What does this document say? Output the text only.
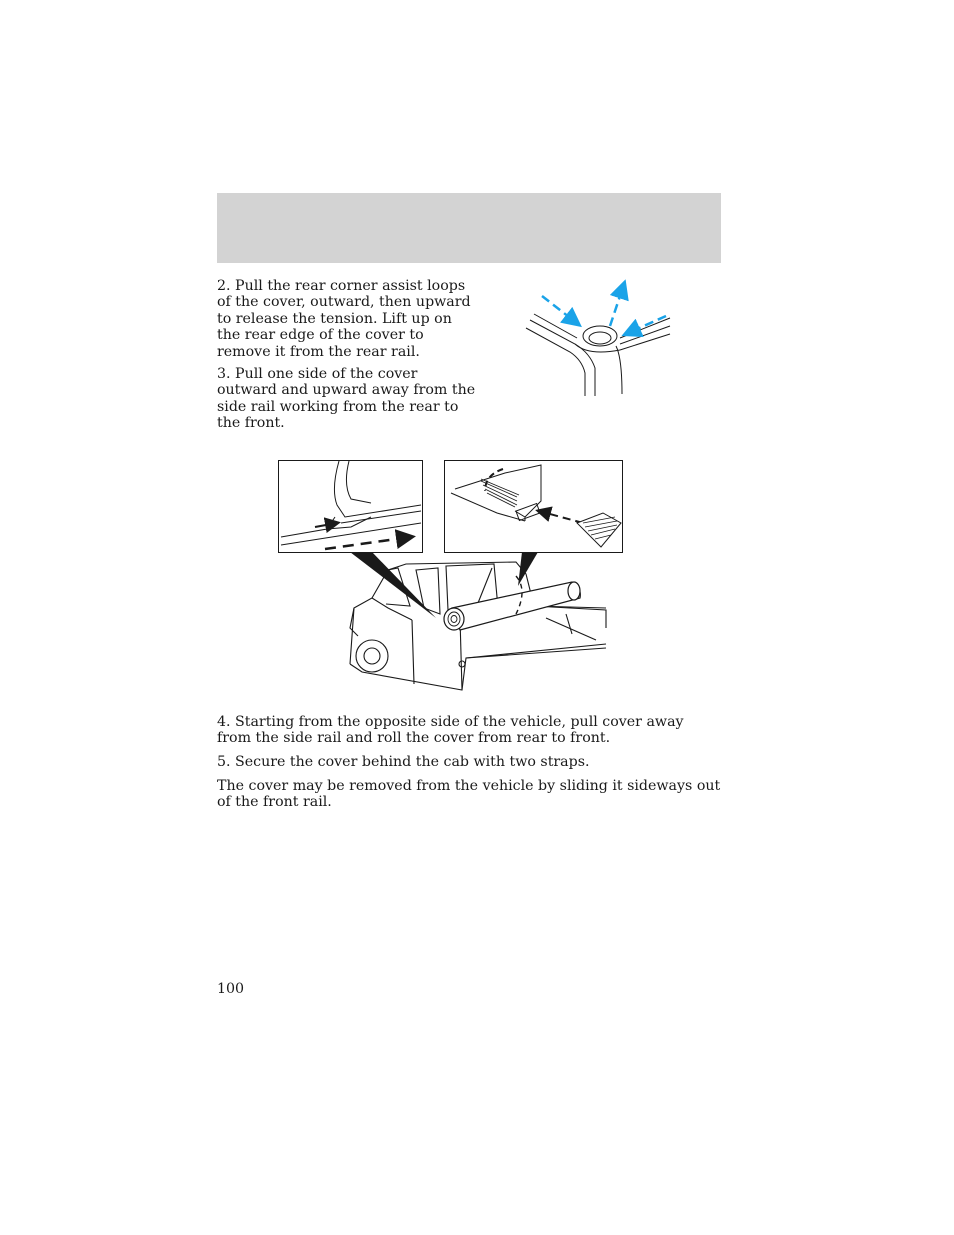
2. Pull the rear corner assist loops of the cover, outward, then upward to release the tension. Lift up on the rear edge of the cover to remove it from the rear rail.

3. Pull one side of the cover outward and upward away from the side rail working from the rear to the front.

4. Starting from the opposite side of the vehicle, pull cover away from the side rail and roll the cover from rear to front.

5. Secure the cover behind the cab with two straps.

The cover may be removed from the vehicle by sliding it sideways out of the front rail.

100
